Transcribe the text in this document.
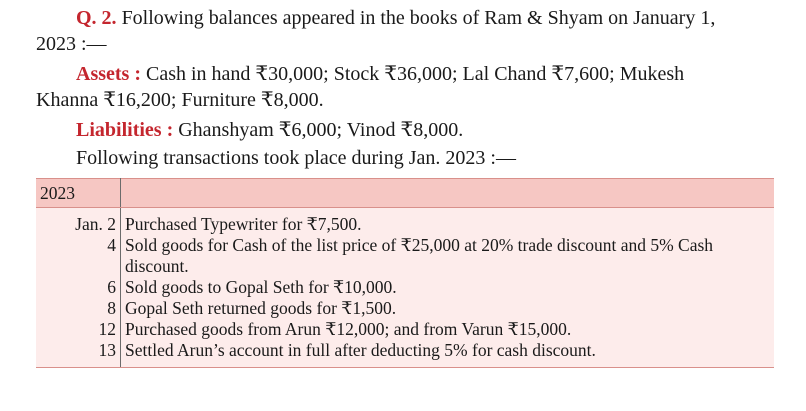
Q. 2. Following balances appeared in the books of Ram & Shyam on January 1,
2023 :—
Assets : Cash in hand ₹30,000; Stock ₹36,000; Lal Chand ₹7,600; Mukesh
Khanna ₹16,200; Furniture ₹8,000.
Liabilities : Ghanshyam ₹6,000; Vinod ₹8,000.
Following transactions took place during Jan. 2023 :—
2023	
Jan. 2	Purchased Typewriter for ₹7,500.
4	Sold goods for Cash of the list price of ₹25,000 at 20% trade discount and 5% Cash
discount.

6	Sold goods to Gopal Seth for ₹10,000.
8	Gopal Seth returned goods for ₹1,500.
12	Purchased goods from Arun ₹12,000; and from Varun ₹15,000.
13	Settled Arun’s account in full after deducting 5% for cash discount.
